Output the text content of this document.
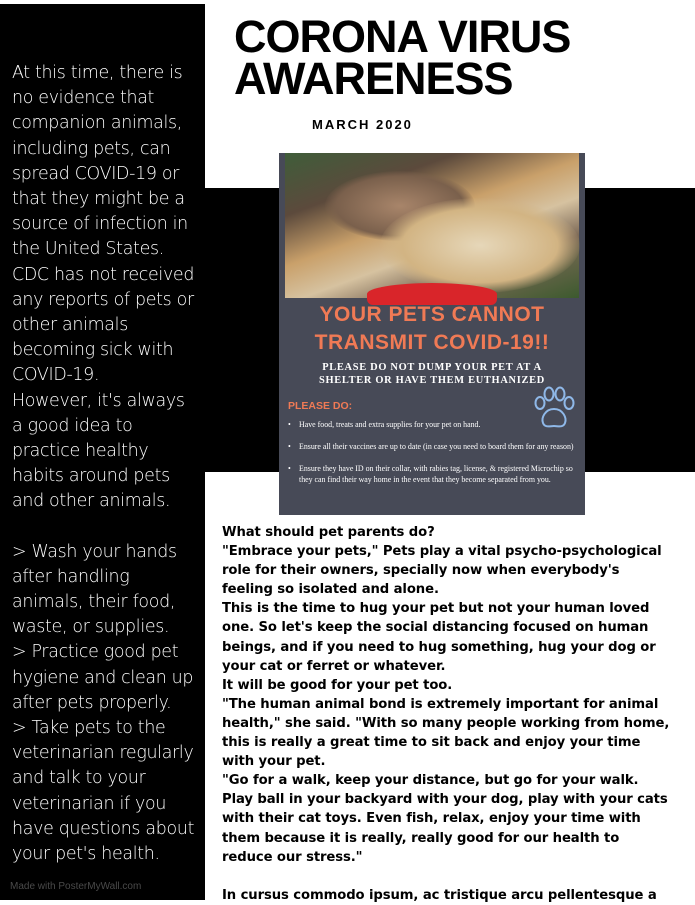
At this time, there is no evidence that companion animals, including pets, can spread COVID-19 or that they might be a source of infection in the United States.

CDC has not received any reports of pets or other animals becoming sick with COVID-19.

However, it's always a good idea to practice healthy habits around pets and other animals.

> Wash your hands after handling animals, their food, waste, or supplies.

> Practice good pet hygiene and clean up after pets properly.

> Take pets to the veterinarian regularly and talk to your veterinarian if you have questions about your pet's health.

Made with PosterMyWall.com
CORONA VIRUS
AWARENESS
MARCH 2020
YOUR PETS CANNOT
TRANSMIT COVID-19!!
PLEASE DO NOT DUMP YOUR PET AT A
SHELTER OR HAVE THEM EUTHANIZED
PLEASE DO:
• Have food, treats and extra supplies for your pet on hand.
• Ensure all their vaccines are up to date (in case you need to board them for any reason)
• Ensure they have ID on their collar, with rabies tag, license, & registered Microchip so they can find their way home in the event that they become separated from you.

What should pet parents do?

"Embrace your pets," Pets play a vital psycho-psychological role for their owners, specially now when everybody's feeling so isolated and alone.

This is the time to hug your pet but not your human loved one. So let's keep the social distancing focused on human beings, and if you need to hug something, hug your dog or your cat or ferret or whatever.

It will be good for your pet too.

"The human animal bond is extremely important for animal health," she said. "With so many people working from home, this is really a great time to sit back and enjoy your time with your pet.

"Go for a walk, keep your distance, but go for your walk. Play ball in your backyard with your dog, play with your cats with their cat toys. Even fish, relax, enjoy your time with them because it is really, really good for our health to reduce our stress."

In cursus commodo ipsum, ac tristique arcu pellentesque a
